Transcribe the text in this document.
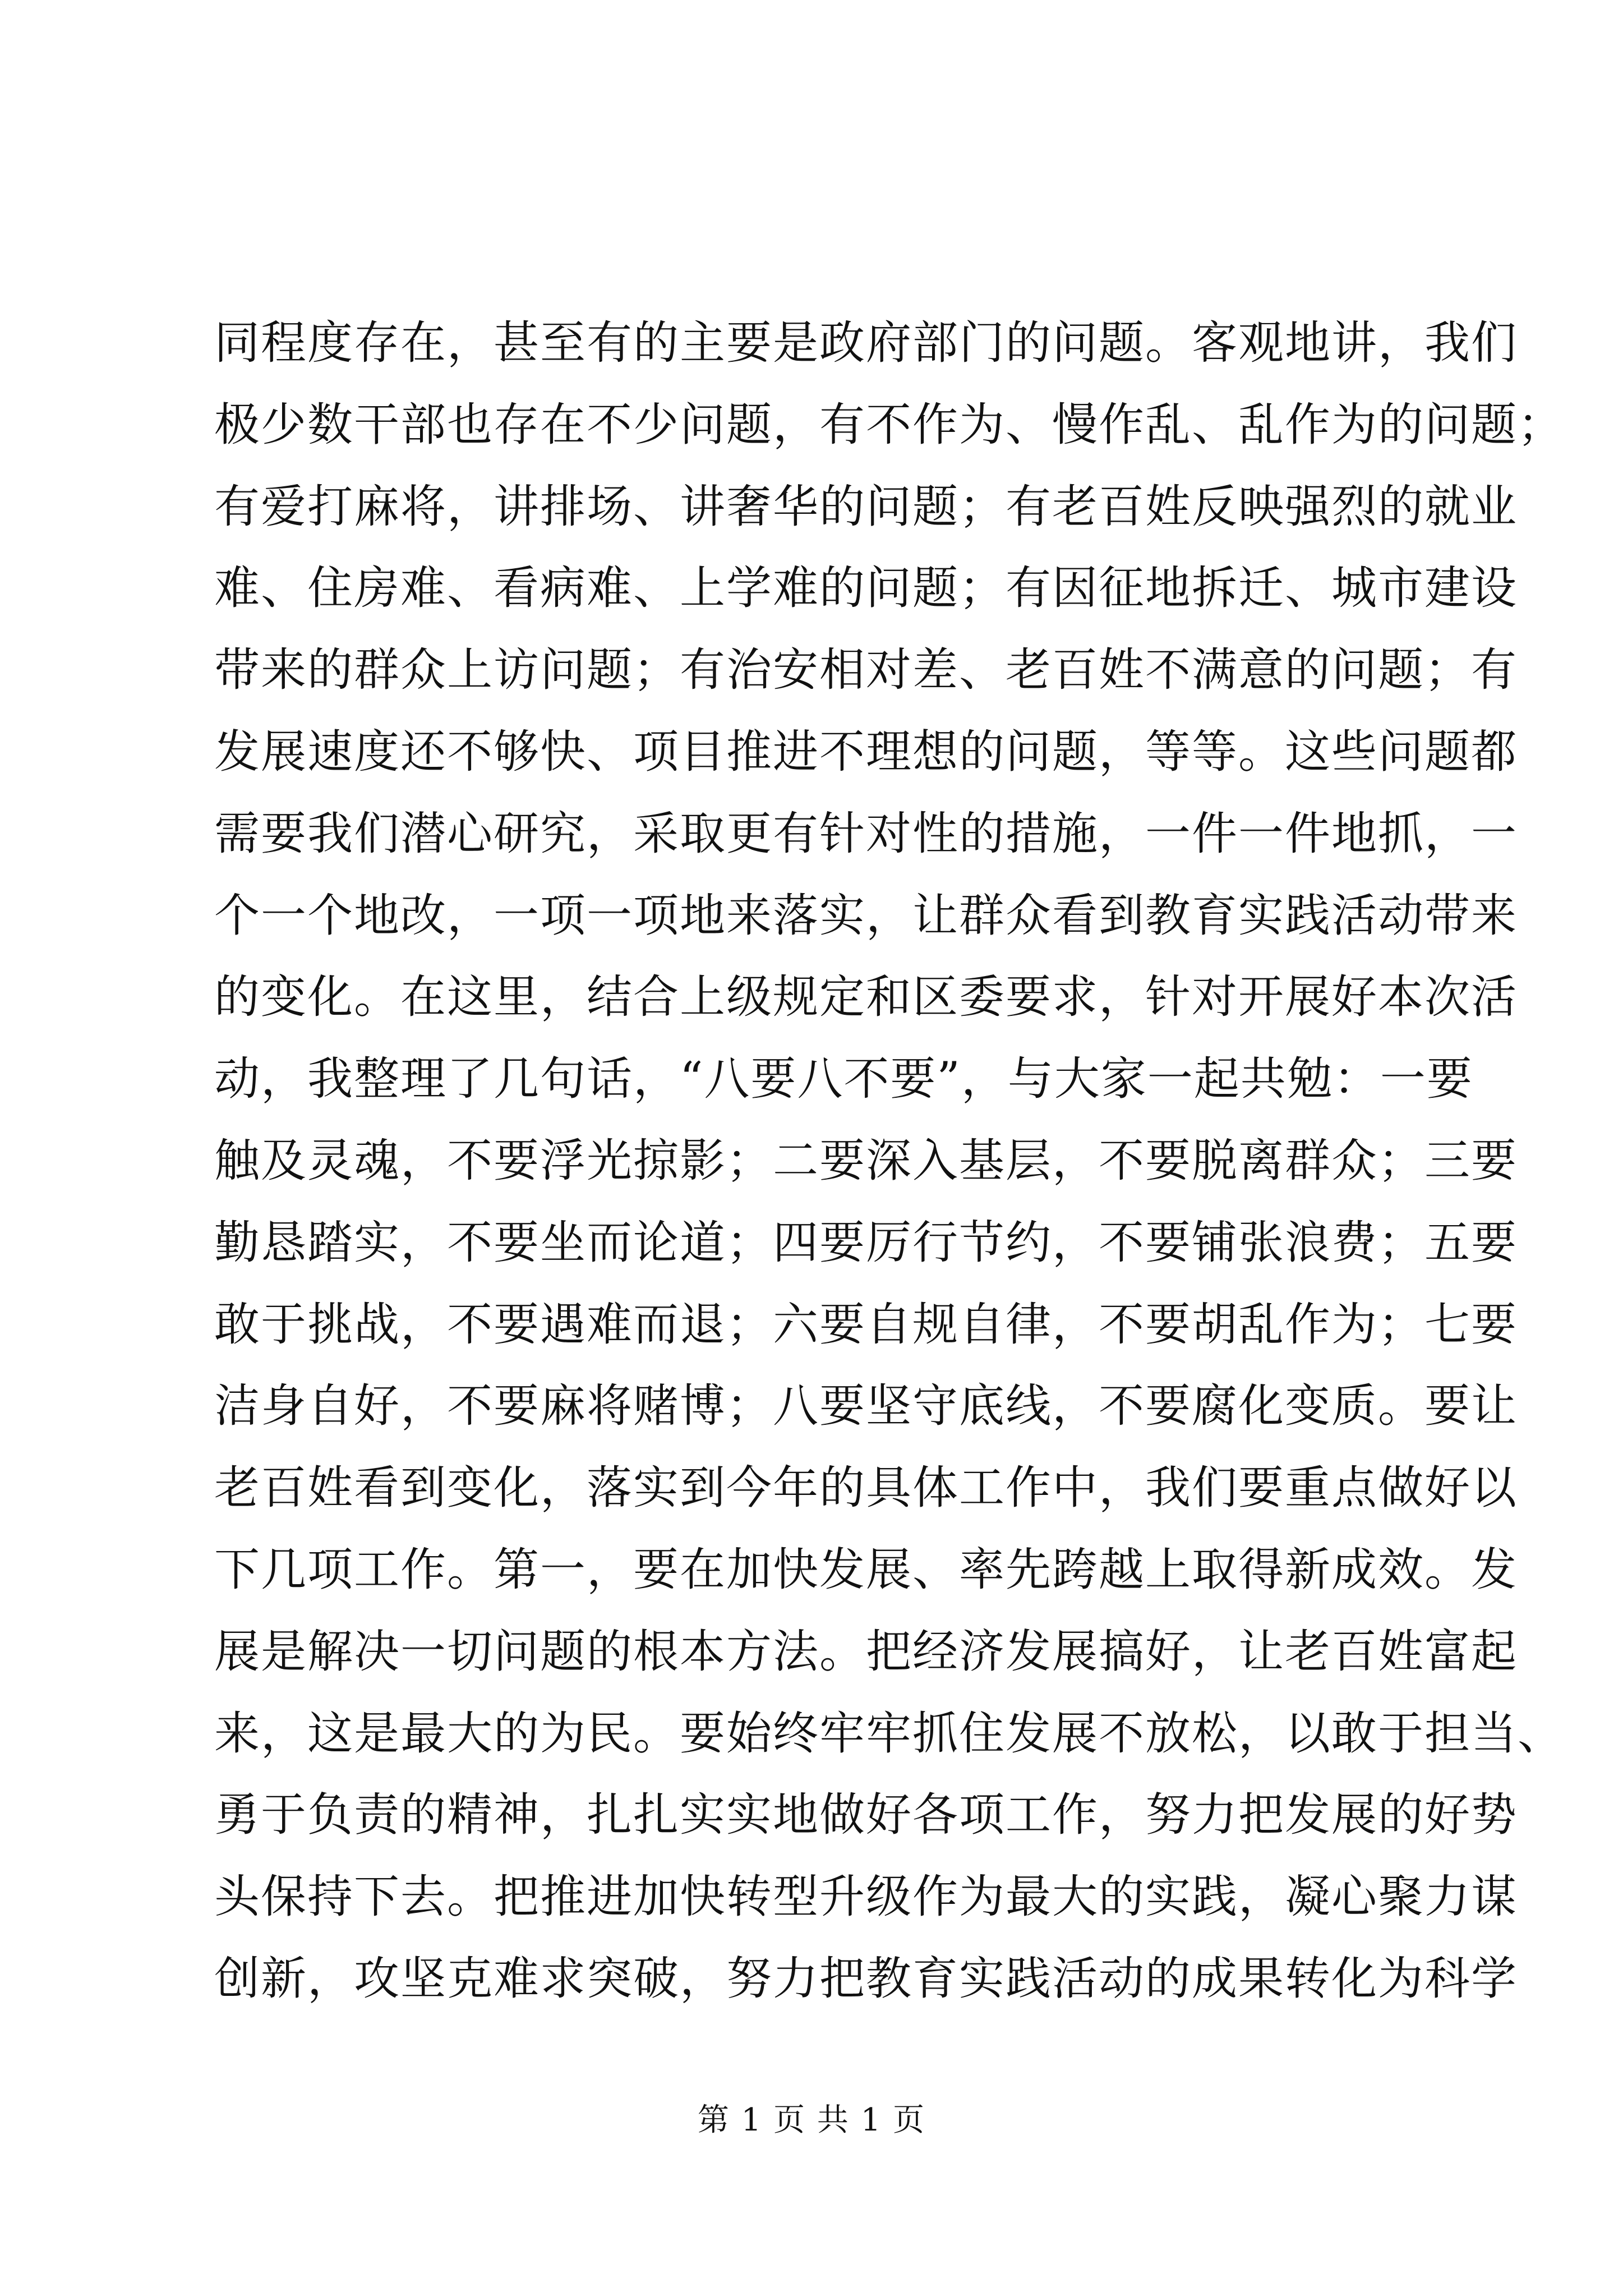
同程度存在，甚至有的主要是政府部门的问题。客观地讲，我们
极少数干部也存在不少问题，有不作为、慢作乱、乱作为的问题；
有爱打麻将，讲排场、讲奢华的问题；有老百姓反映强烈的就业
难、住房难、看病难、上学难的问题；有因征地拆迁、城市建设
带来的群众上访问题；有治安相对差、老百姓不满意的问题；有
发展速度还不够快、项目推进不理想的问题，等等。这些问题都
需要我们潜心研究，采取更有针对性的措施，一件一件地抓，一
个一个地改，一项一项地来落实，让群众看到教育实践活动带来
的变化。在这里，结合上级规定和区委要求，针对开展好本次活
动，我整理了几句话，“八要八不要”，与大家一起共勉：一要
触及灵魂，不要浮光掠影；二要深入基层，不要脱离群众；三要
勤恳踏实，不要坐而论道；四要厉行节约，不要铺张浪费；五要
敢于挑战，不要遇难而退；六要自规自律，不要胡乱作为；七要
洁身自好，不要麻将赌博；八要坚守底线，不要腐化变质。要让
老百姓看到变化，落实到今年的具体工作中，我们要重点做好以
下几项工作。第一，要在加快发展、率先跨越上取得新成效。发
展是解决一切问题的根本方法。把经济发展搞好，让老百姓富起
来，这是最大的为民。要始终牢牢抓住发展不放松，以敢于担当、
勇于负责的精神，扎扎实实地做好各项工作，努力把发展的好势
头保持下去。把推进加快转型升级作为最大的实践，凝心聚力谋
创新，攻坚克难求突破，努力把教育实践活动的成果转化为科学
第 1 页 共 1 页
